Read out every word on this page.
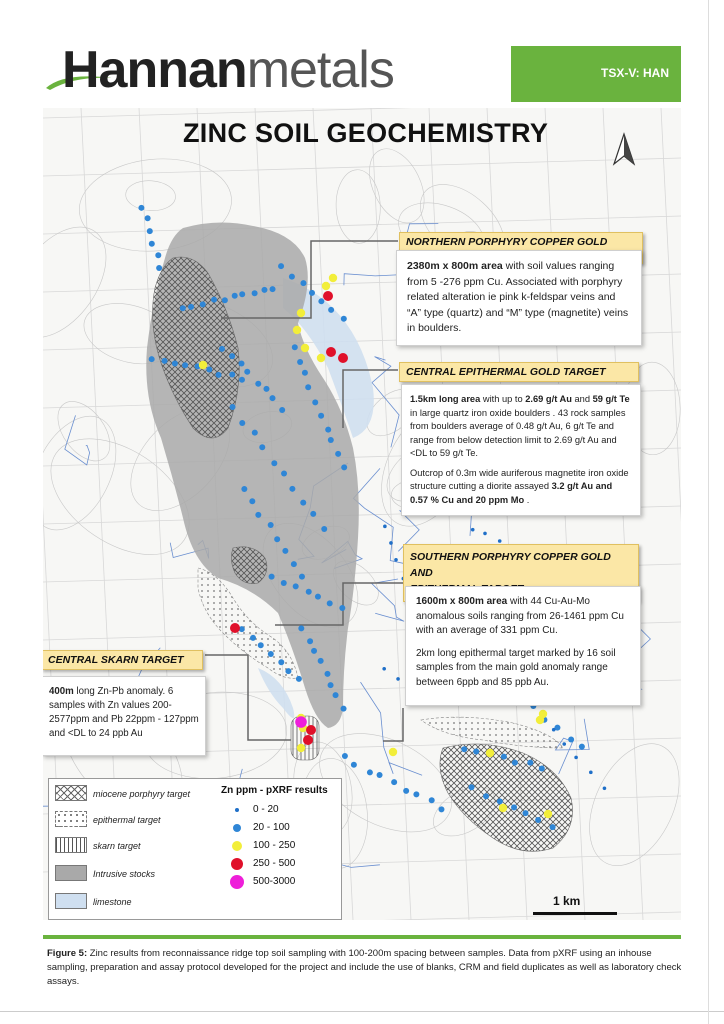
Hannanmetals	TSX-V: HAN
ZINC SOIL GEOCHEMISTRY
NORTHERN PORPHYRY COPPER GOLD
2380m x 800m area with soil values ranging from 5 -276 ppm Cu. Associated with porphyry related alteration ie pink k-feldspar veins and “A” type (quartz) and “M” type (magnetite) veins in boulders.
CENTRAL EPITHERMAL GOLD TARGET
1.5km long area with up to 2.69 g/t Au and 59 g/t Te in large quartz iron oxide boulders . 43 rock samples from boulders average of 0.48 g/t Au, 6 g/t Te and range from below detection limit to 2.69 g/t Au and <DL to 59 g/t Te.
Outcrop of 0.3m wide auriferous magnetite iron oxide structure cutting a diorite assayed 3.2 g/t Au and 0.57 % Cu and 20 ppm Mo .
SOUTHERN PORPHYRY COPPER GOLD AND
1600m x 800m area with 44 Cu-Au-Mo anomalous soils ranging from 26-1461 ppm Cu with an average of 331 ppm Cu.
2km long epithermal target marked by 16 soil samples from the main gold anomaly range between 6ppb and 85 ppb Au.
CENTRAL SKARN TARGET
400m long Zn-Pb anomaly. 6 samples with Zn values 200-2577ppm and Pb 22ppm - 127ppm and <DL to 24 ppb Au
miocene porphyry target
epithermal target
skarn target
Intrusive stocks
limestone
Zn ppm - pXRF results
0 - 20
20 - 100
100 - 250
250 - 500
500-3000
1 km
Figure 5: Zinc results from reconnaissance ridge top soil sampling with 100-200m spacing between samples. Data from pXRF using an inhouse sampling, preparation and assay protocol developed for the project and include the use of blanks, CRM and field duplicates as well as laboratory check assays.
